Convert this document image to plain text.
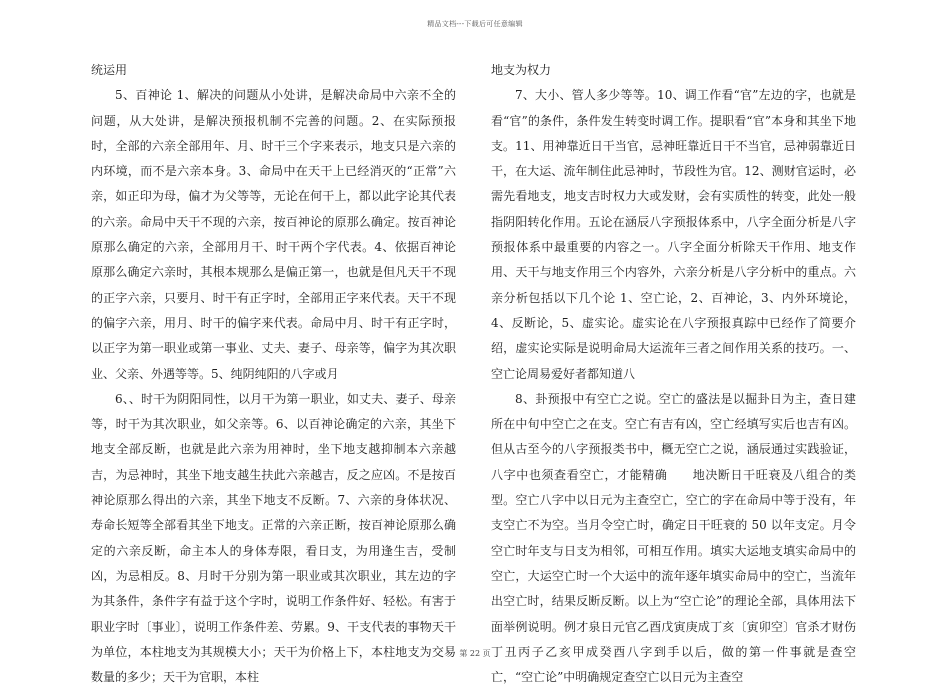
精品文档---下载后可任意编辑

统运用

5、百神论 1、解决的问题从小处讲，是解决命局中六亲不全的问题，从大处讲，是解决预报机制不完善的问题。2、在实际预报时，全部的六亲全部用年、月、时干三个字来表示，地支只是六亲的内环境，而不是六亲本身。3、命局中在天干上已经消灭的“正常”六亲，如正印为母，偏才为父等等，无论在何干上，都以此字论其代表的六亲。命局中天干不现的六亲，按百神论的原那么确定。按百神论原那么确定的六亲，全部用月干、时干两个字代表。4、依据百神论原那么确定六亲时，其根本规那么是偏正第一，也就是但凡天干不现的正字六亲，只要月、时干有正字时，全部用正字来代表。天干不现的偏字六亲，用月、时干的偏字来代表。命局中月、时干有正字时，以正字为第一职业或第一事业、丈夫、妻子、母亲等，偏字为其次职业、父亲、外遇等等。5、纯阴纯阳的八字或月

6、、时干为阴阳同性，以月干为第一职业，如丈夫、妻子、母亲等，时干为其次职业，如父亲等。6、以百神论确定的六亲，其坐下地支全部反断，也就是此六亲为用神时，坐下地支越抑制本六亲越吉，为忌神时，其坐下地支越生扶此六亲越吉，反之应凶。不是按百神论原那么得出的六亲，其坐下地支不反断。7、六亲的身体状况、寿命长短等全部看其坐下地支。正常的六亲正断，按百神论原那么确定的六亲反断，命主本人的身体寿限，看日支，为用逢生吉，受制凶，为忌相反。8、月时干分别为第一职业或其次职业，其左边的字为其条件，条件字有益于这个字时，说明工作条件好、轻松。有害于职业字时〔事业〕，说明工作条件差、劳累。9、干支代表的事物天干为单位，本柱地支为其规模大小；天干为价格上下，本柱地支为交易数量的多少；天干为官职，本柱

地支为权力

7、大小、管人多少等等。10、调工作看“官”左边的字，也就是看“官”的条件，条件发生转变时调工作。提职看“官”本身和其坐下地支。11、用神靠近日干当官，忌神旺靠近日干不当官，忌神弱靠近日干，在大运、流年制住此忌神时，节段性为官。12、测财官运时，必需先看地支，地支吉时权力大或发财，会有实质性的转变，此处一般指阴阳转化作用。五论在涵辰八字预报体系中，八字全面分析是八字预报体系中最重要的内容之一。八字全面分析除天干作用、地支作用、天干与地支作用三个内容外，六亲分析是八字分析中的重点。六亲分析包括以下几个论 1、空亡论，2、百神论，3、内外环境论，4、反断论，5、虚实论。虚实论在八字预报真踪中已经作了简要介绍，虚实论实际是说明命局大运流年三者之间作用关系的技巧。一、空亡论周易爱好者都知道八

8、卦预报中有空亡之说。空亡的盛法是以掘卦日为主，查日建所在中旬中空亡之在支。空亡有吉有凶，空亡经填写实后也吉有凶。但从古至今的八字预报类书中，概无空亡之说，涵辰通过实践验证，八字中也须查看空亡，才能精确　　地决断日干旺衰及八组合的类型。空亡八字中以日元为主查空亡，空亡的字在命局中等于没有，年支空亡不为空。当月令空亡时，确定日干旺衰的 50 以年支定。月令空亡时年支与日支为相邻，可相互作用。填实大运地支填实命局中的空亡，大运空亡时一个大运中的流年逐年填实命局中的空亡，当流年出空亡时，结果反断反断。以上为“空亡论”的理论全部，具体用法下面举例说明。例才泉日元官乙酉戊寅庚成丁亥〔寅卯空〕官杀才财伤丁丑丙子乙亥甲成癸酉八字到手以后，做的第一件事就是查空亡，“空亡论”中明确规定查空亡以日元为主查空

第 22 页
